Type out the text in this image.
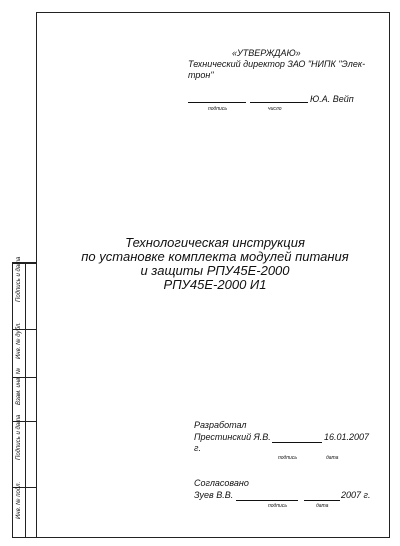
Подпись и дата
Инв. № дубл.
Взам. инв. №
Подпись и дата
Инв. № подл.
«УТВЕРЖДАЮ»
Технический директор ЗАО "НИПК "Элек-
трон"
Ю.А. Вейп
подпись	число
Технологическая инструкция
по установке комплекта модулей питания
и защиты РПУ45Е-2000
РПУ45Е-2000 И1
Разработал
Престинский Я.В.	16.01.2007
г.
подпись	дата
Согласовано
Зуев В.В.	2007 г.
подпись	дата
